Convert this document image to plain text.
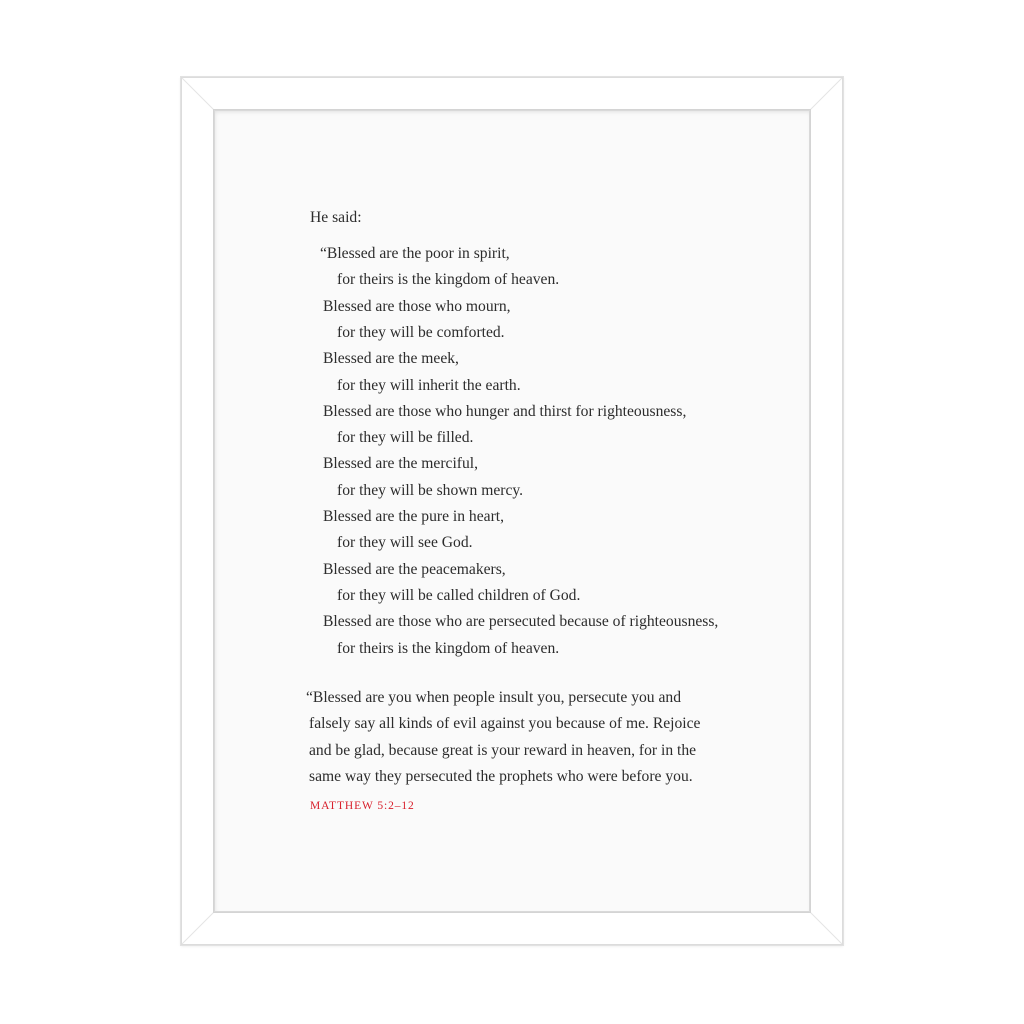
He said:
“Blessed are the poor in spirit,
for theirs is the kingdom of heaven.
Blessed are those who mourn,
for they will be comforted.
Blessed are the meek,
for they will inherit the earth.
Blessed are those who hunger and thirst for righteousness,
for they will be filled.
Blessed are the merciful,
for they will be shown mercy.
Blessed are the pure in heart,
for they will see God.
Blessed are the peacemakers,
for they will be called children of God.
Blessed are those who are persecuted because of righteousness,
for theirs is the kingdom of heaven.
“Blessed are you when people insult you, persecute you and
falsely say all kinds of evil against you because of me. Rejoice
and be glad, because great is your reward in heaven, for in the
same way they persecuted the prophets who were before you.
MATTHEW 5:2–12
